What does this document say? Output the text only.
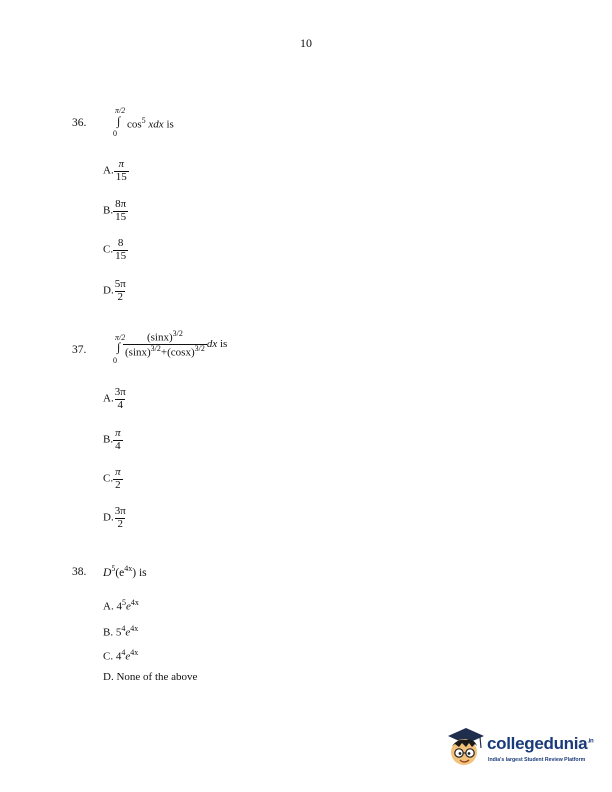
10
36.
π/2
∫
0
$\cos^5$ xdx is
A. $\frac{\pi}{15}$
B. $\frac{8\pi}{15}$
C. $\frac{8}{15}$
D. $\frac{5\pi}{2}$
37.
π/2
∫
0
$\frac{(\sin x)^{3/2}}{(\sin x)^{3/2}+(\cos x)^{3/2}}$ dx is
A. $\frac{3\pi}{4}$
B. $\frac{\pi}{4}$
C. $\frac{\pi}{2}$
D. $\frac{3\pi}{2}$
38. $D^5(e^{4x})$ is
A. $4^5e^{4x}$
B. $5^4e^{4x}$
C. $4^4e^{4x}$
D. None of the above
collegedunia$^{.in}$
India's largest Student Review Platform
